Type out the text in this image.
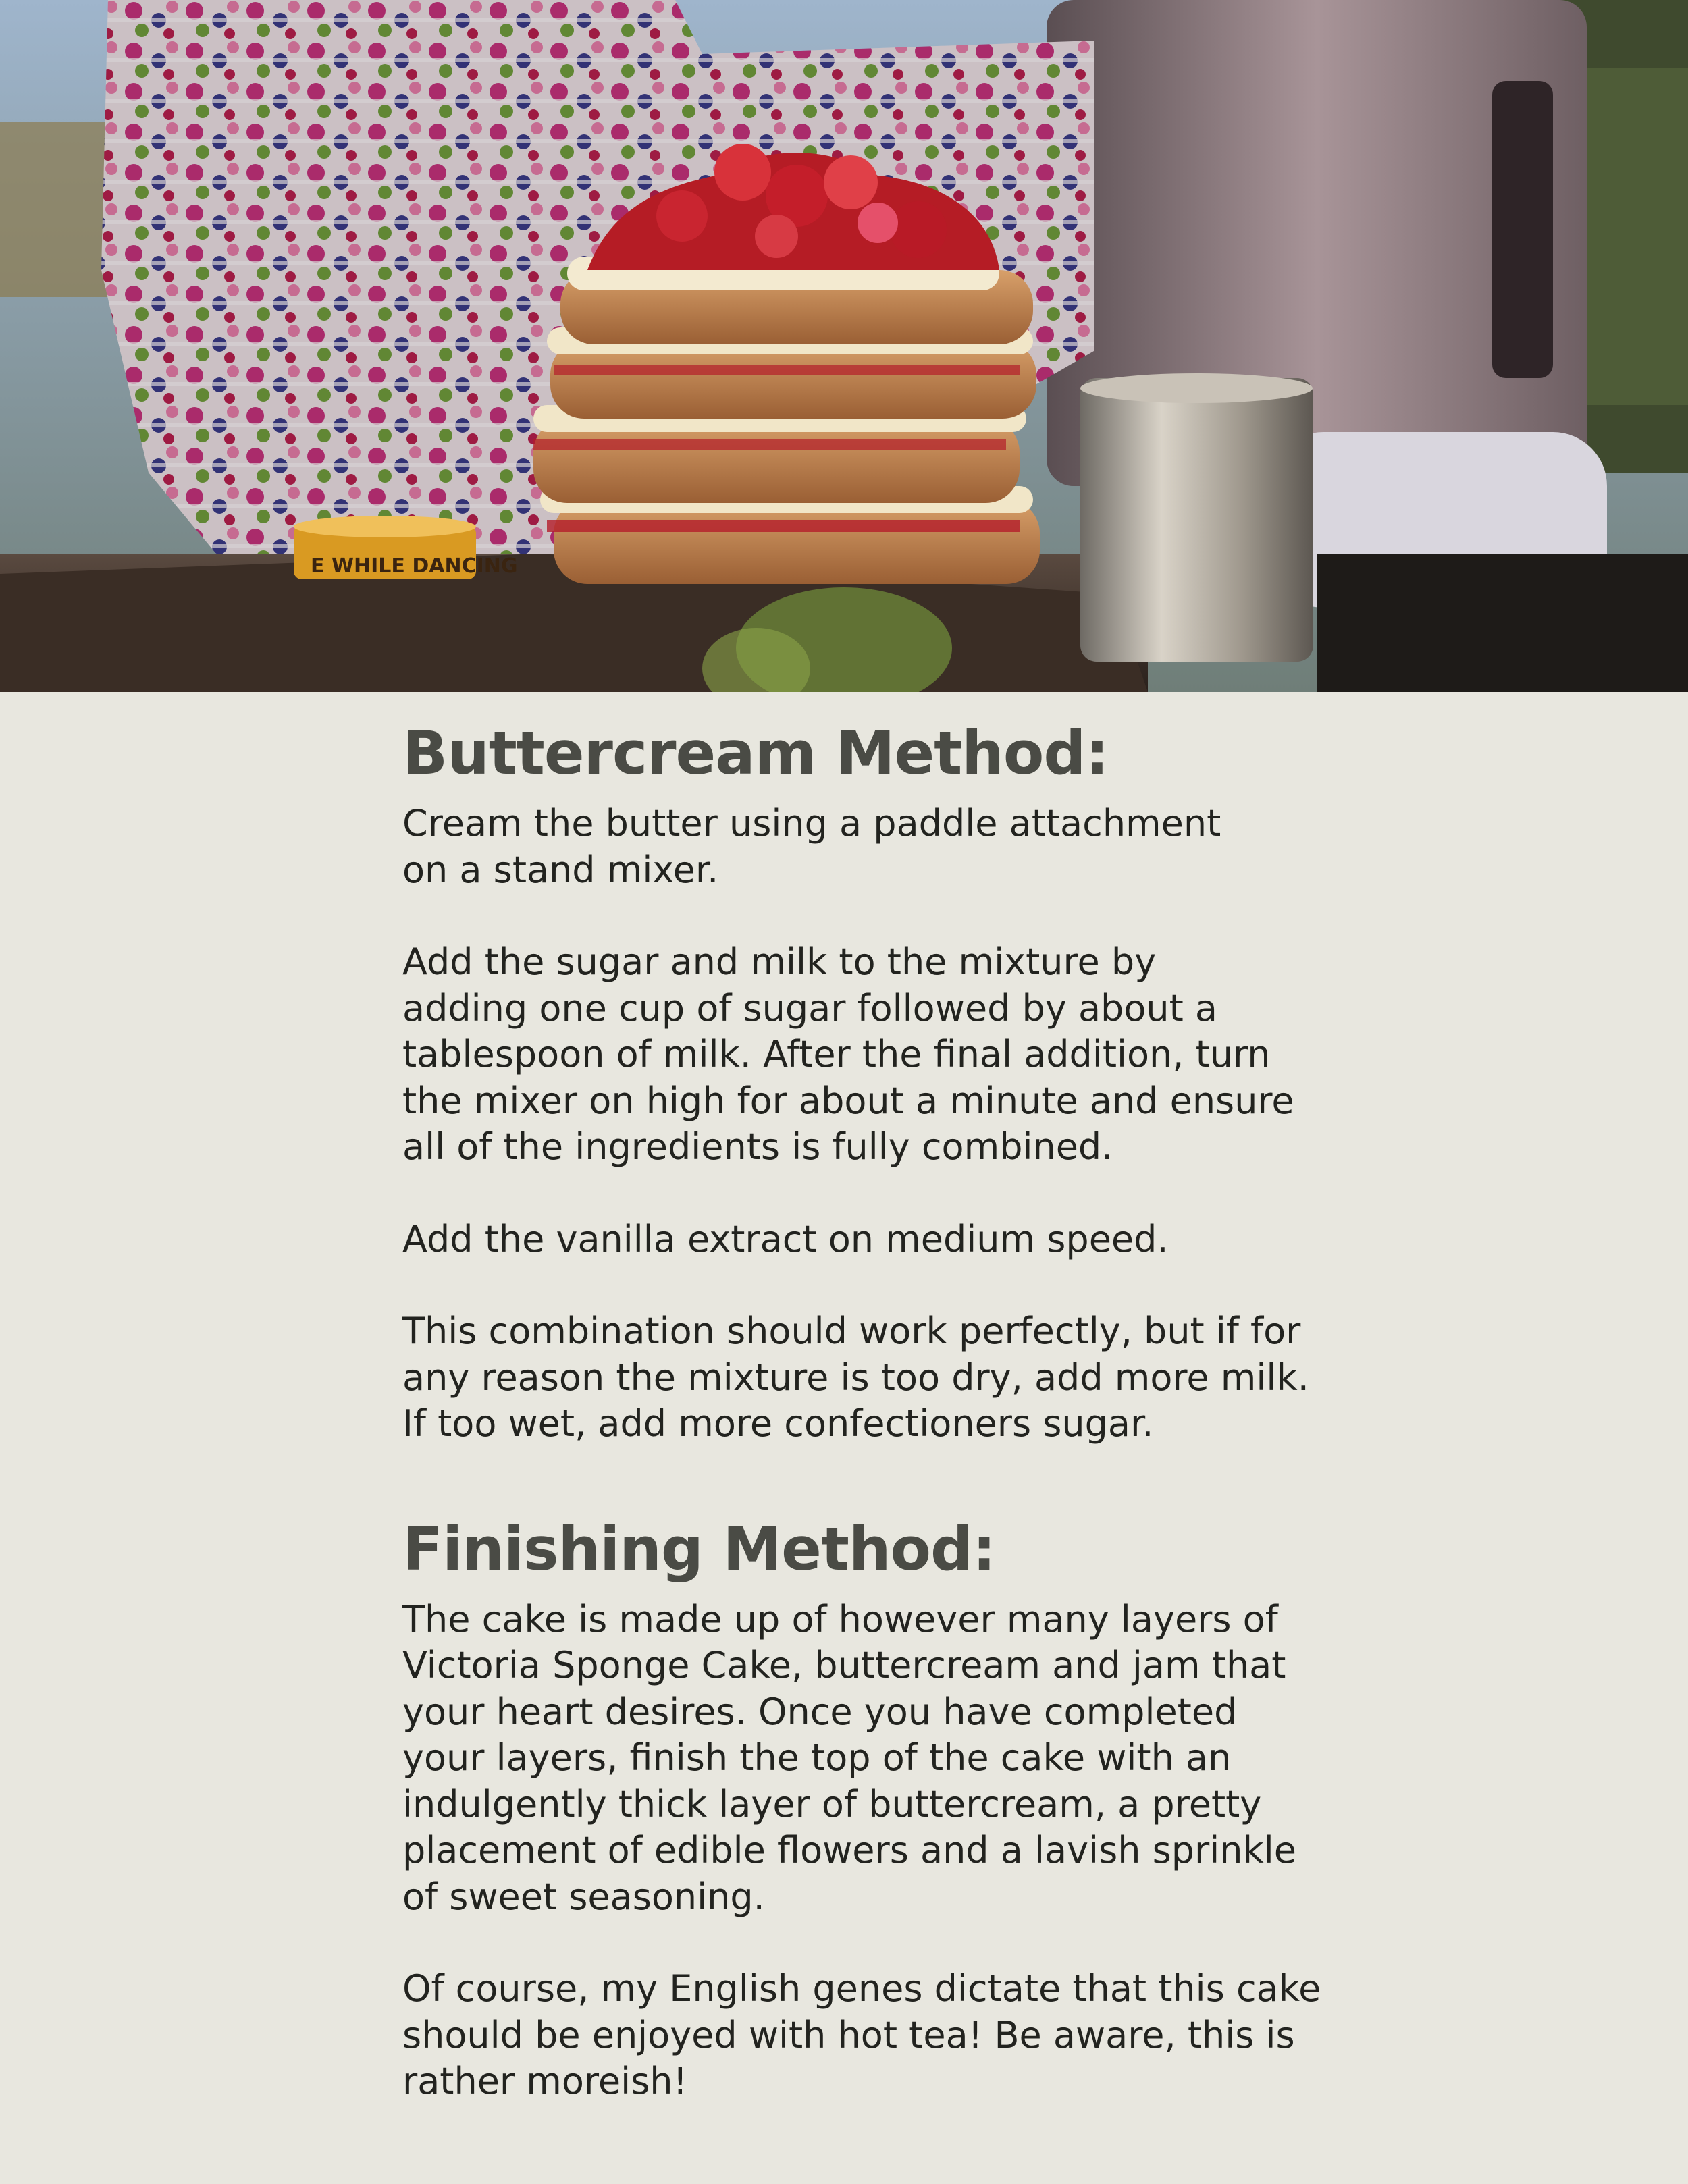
E WHILE DANCING
Buttercream Method:

Cream the butter using a paddle attachment
on a stand mixer.

Add the sugar and milk to the mixture by
adding one cup of sugar followed by about a
tablespoon of milk. After the final addition, turn
the mixer on high for about a minute and ensure
all of the ingredients is fully combined.

Add the vanilla extract on medium speed.

This combination should work perfectly, but if for
any reason the mixture is too dry, add more milk.
If too wet, add more confectioners sugar.

Finishing Method:

The cake is made up of however many layers of
Victoria Sponge Cake, buttercream and jam that
your heart desires. Once you have completed
your layers, finish the top of the cake with an
indulgently thick layer of buttercream, a pretty
placement of edible flowers and a lavish sprinkle
of sweet seasoning.

Of course, my English genes dictate that this cake
should be enjoyed with hot tea! Be aware, this is
rather moreish!
